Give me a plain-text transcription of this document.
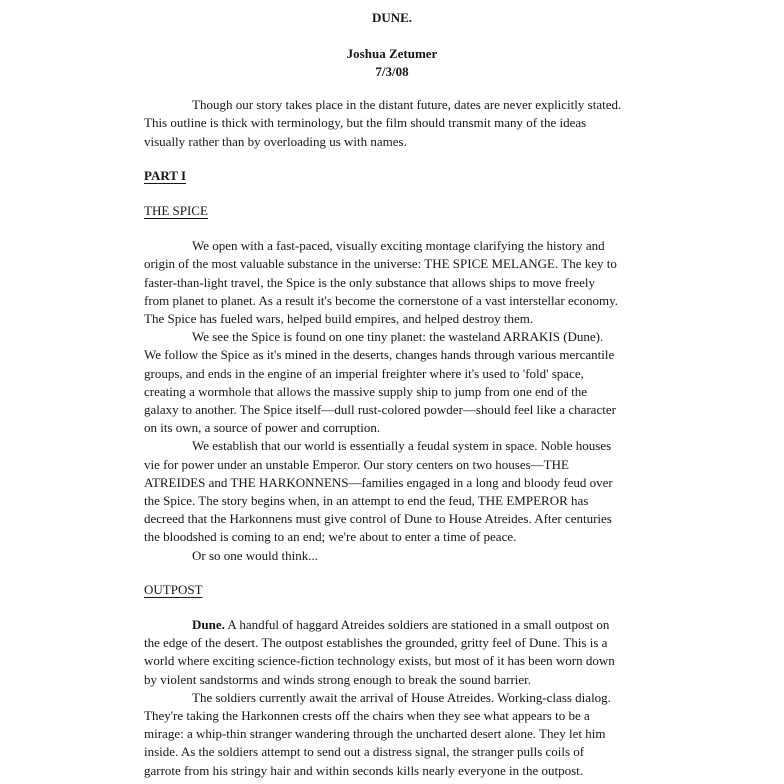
DUNE.
Joshua Zetumer
7/3/08
Though our story takes place in the distant future, dates are never explicitly stated.
This outline is thick with terminology, but the film should transmit many of the ideas
visually rather than by overloading us with names.
PART I
THE SPICE
We open with a fast-paced, visually exciting montage clarifying the history and
origin of the most valuable substance in the universe: THE SPICE MELANGE. The key to
faster-than-light travel, the Spice is the only substance that allows ships to move freely
from planet to planet. As a result it's become the cornerstone of a vast interstellar economy.
The Spice has fueled wars, helped build empires, and helped destroy them.
We see the Spice is found on one tiny planet: the wasteland ARRAKIS (Dune).
We follow the Spice as it's mined in the deserts, changes hands through various mercantile
groups, and ends in the engine of an imperial freighter where it's used to 'fold' space,
creating a wormhole that allows the massive supply ship to jump from one end of the
galaxy to another. The Spice itself—dull rust-colored powder—should feel like a character
on its own, a source of power and corruption.
We establish that our world is essentially a feudal system in space. Noble houses
vie for power under an unstable Emperor. Our story centers on two houses—THE
ATREIDES and THE HARKONNENS—families engaged in a long and bloody feud over
the Spice. The story begins when, in an attempt to end the feud, THE EMPEROR has
decreed that the Harkonnens must give control of Dune to House Atreides. After centuries
the bloodshed is coming to an end; we're about to enter a time of peace.
Or so one would think...
OUTPOST
Dune. A handful of haggard Atreides soldiers are stationed in a small outpost on
the edge of the desert. The outpost establishes the grounded, gritty feel of Dune. This is a
world where exciting science-fiction technology exists, but most of it has been worn down
by violent sandstorms and winds strong enough to break the sound barrier.
The soldiers currently await the arrival of House Atreides. Working-class dialog.
They're taking the Harkonnen crests off the chairs when they see what appears to be a
mirage: a whip-thin stranger wandering through the uncharted desert alone. They let him
inside. As the soldiers attempt to send out a distress signal, the stranger pulls coils of
garrote from his stringy hair and within seconds kills nearly everyone in the outpost.
